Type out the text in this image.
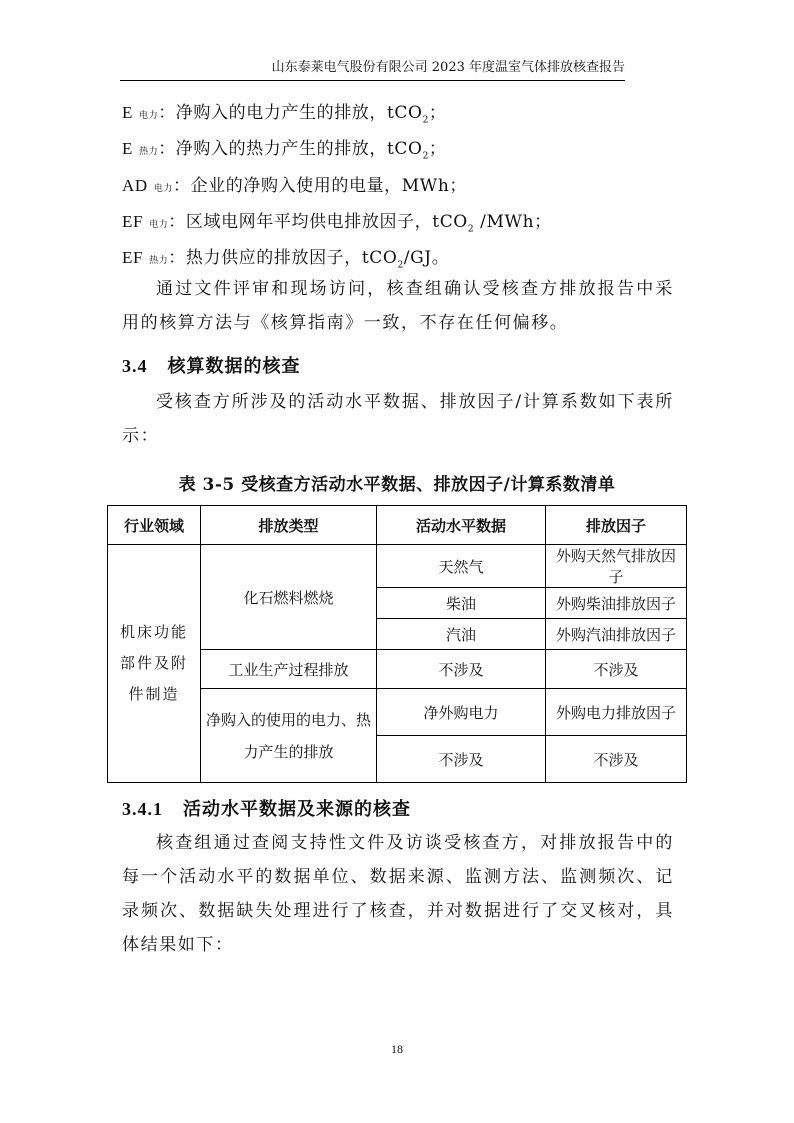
山东泰莱电气股份有限公司 2023 年度温室气体排放核查报告
E 电力：净购入的电力产生的排放，tCO$_2$；
E 热力：净购入的热力产生的排放，tCO$_2$；
AD 电力：企业的净购入使用的电量，MWh；
EF 电力：区域电网年平均供电排放因子，tCO$_2$ /MWh；
EF 热力：热力供应的排放因子，tCO$_2$/GJ。
通过文件评审和现场访问，核查组确认受核查方排放报告中采用的核算方法与《核算指南》一致，不存在任何偏移。
3.4 核算数据的核查
受核查方所涉及的活动水平数据、排放因子/计算系数如下表所示：
表 3-5 受核查方活动水平数据、排放因子/计算系数清单
行业领域	排放类型	活动水平数据	排放因子
机床功能部件及附件制造	化石燃料燃烧	天然气	外购天然气排放因子
		柴油	外购柴油排放因子
		汽油	外购汽油排放因子
	工业生产过程排放	不涉及	不涉及
	净购入的使用的电力、热力产生的排放	净外购电力	外购电力排放因子
		不涉及	不涉及
3.4.1 活动水平数据及来源的核查
核查组通过查阅支持性文件及访谈受核查方，对排放报告中的每一个活动水平的数据单位、数据来源、监测方法、监测频次、记录频次、数据缺失处理进行了核查，并对数据进行了交叉核对，具体结果如下：
18
